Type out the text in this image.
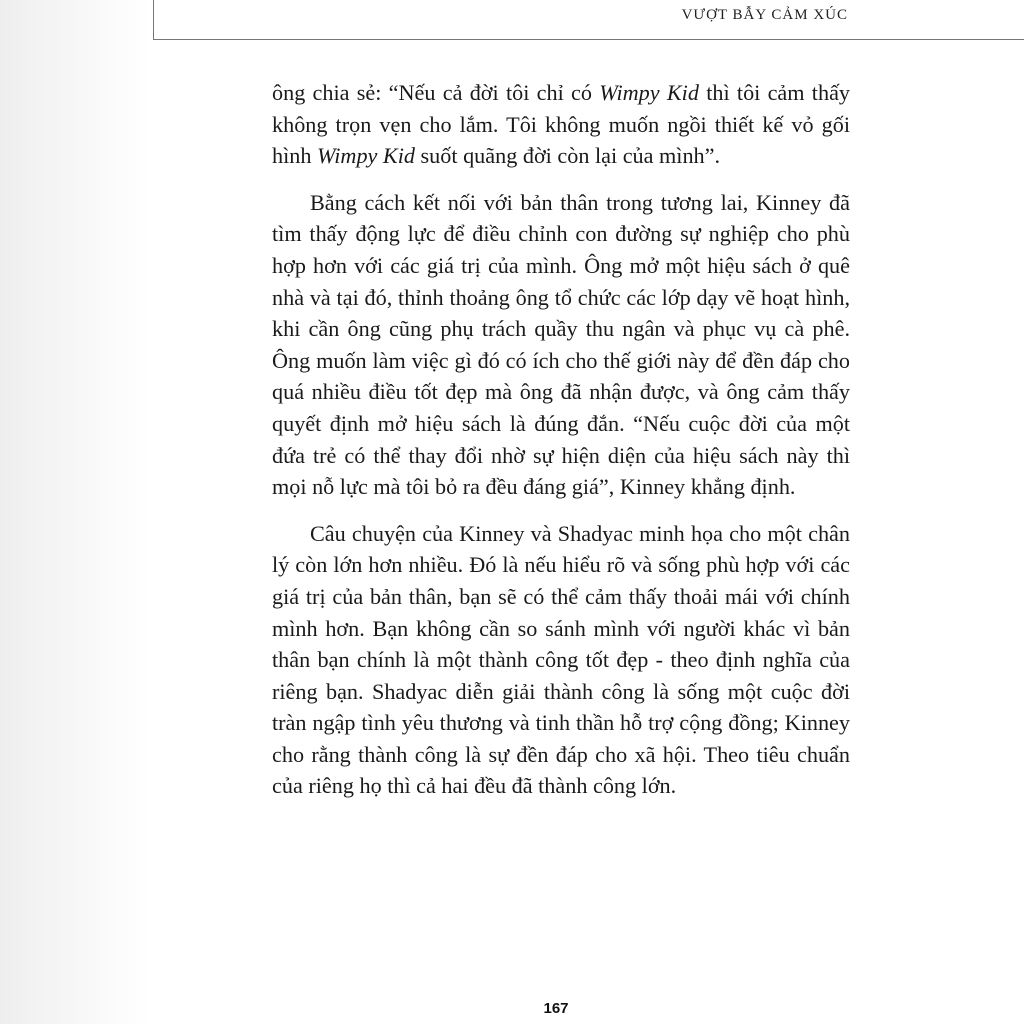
VƯỢT BẪY CẢM XÚC

ông chia sẻ: “Nếu cả đời tôi chỉ có Wimpy Kid thì tôi cảm thấy không trọn vẹn cho lắm. Tôi không muốn ngồi thiết kế vỏ gối hình Wimpy Kid suốt quãng đời còn lại của mình”.

Bằng cách kết nối với bản thân trong tương lai, Kinney đã tìm thấy động lực để điều chỉnh con đường sự nghiệp cho phù hợp hơn với các giá trị của mình. Ông mở một hiệu sách ở quê nhà và tại đó, thỉnh thoảng ông tổ chức các lớp dạy vẽ hoạt hình, khi cần ông cũng phụ trách quầy thu ngân và phục vụ cà phê. Ông muốn làm việc gì đó có ích cho thế giới này để đền đáp cho quá nhiều điều tốt đẹp mà ông đã nhận được, và ông cảm thấy quyết định mở hiệu sách là đúng đắn. “Nếu cuộc đời của một đứa trẻ có thể thay đổi nhờ sự hiện diện của hiệu sách này thì mọi nỗ lực mà tôi bỏ ra đều đáng giá”, Kinney khẳng định.

Câu chuyện của Kinney và Shadyac minh họa cho một chân lý còn lớn hơn nhiều. Đó là nếu hiểu rõ và sống phù hợp với các giá trị của bản thân, bạn sẽ có thể cảm thấy thoải mái với chính mình hơn. Bạn không cần so sánh mình với người khác vì bản thân bạn chính là một thành công tốt đẹp - theo định nghĩa của riêng bạn. Shadyac diễn giải thành công là sống một cuộc đời tràn ngập tình yêu thương và tinh thần hỗ trợ cộng đồng; Kinney cho rằng thành công là sự đền đáp cho xã hội. Theo tiêu chuẩn của riêng họ thì cả hai đều đã thành công lớn.

167
